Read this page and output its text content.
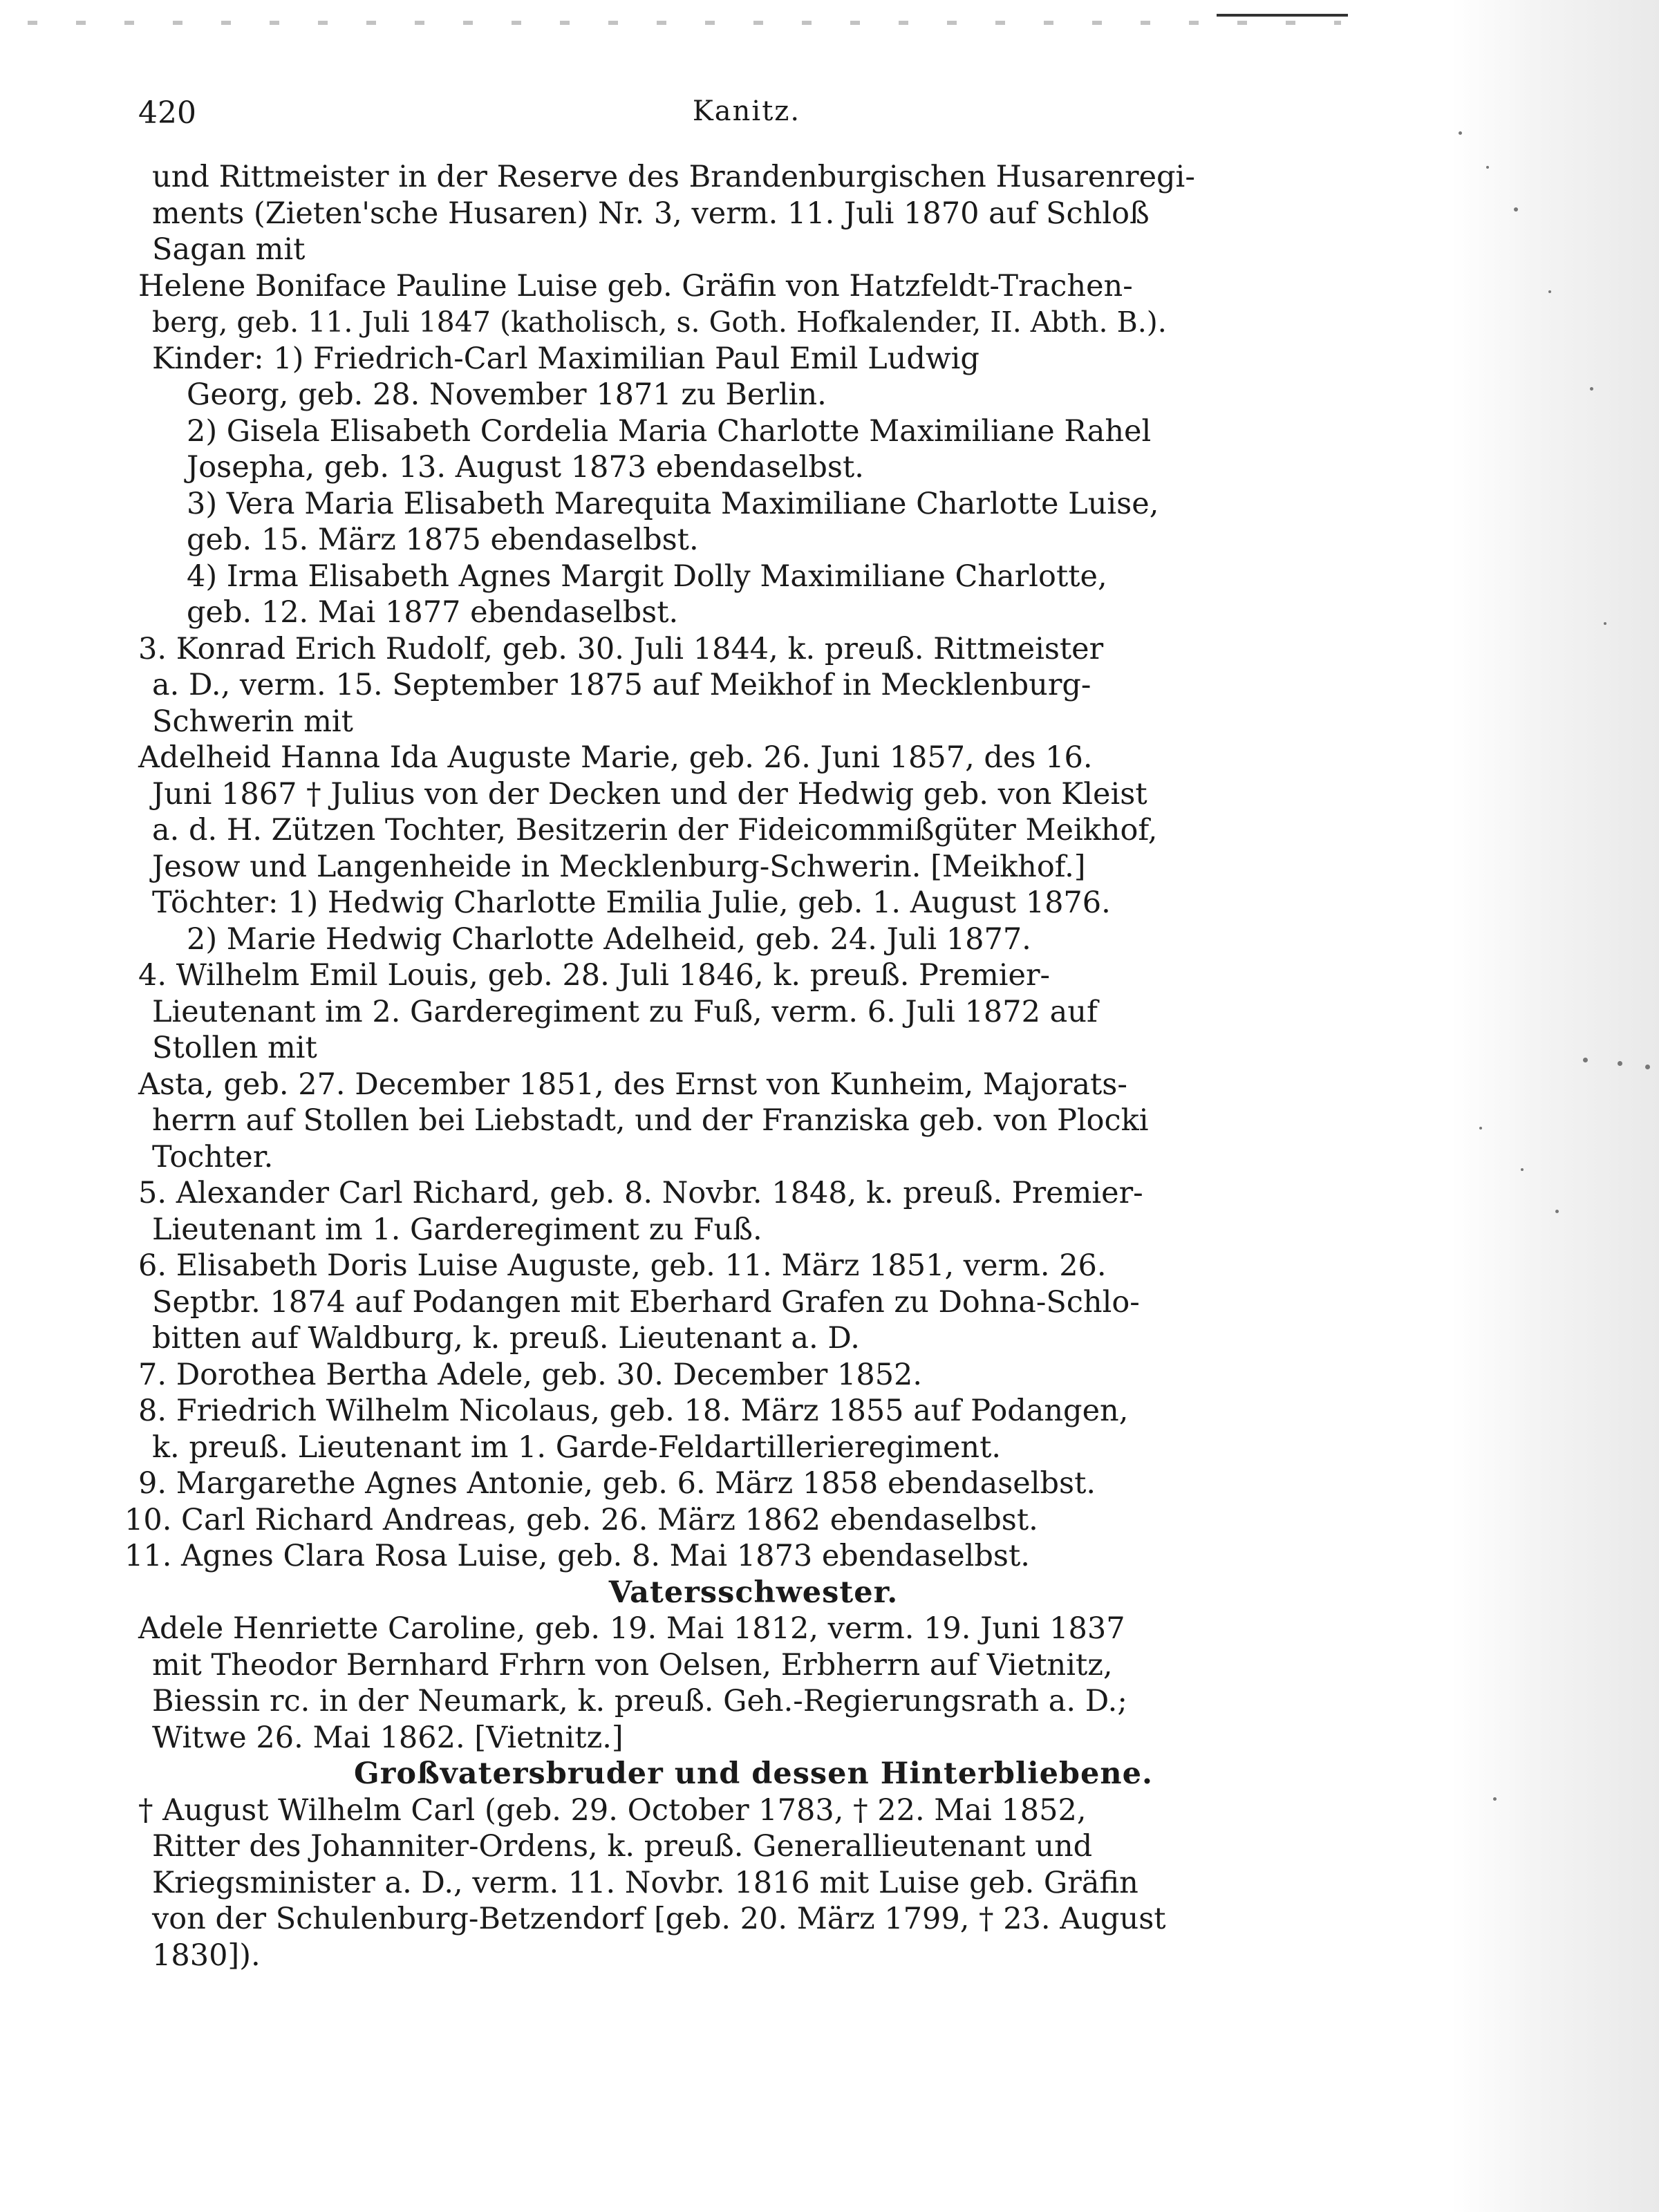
420	Kanitz.
und Rittmeister in der Reserve des Brandenburgischen Husarenregi-
ments (Zieten'sche Husaren) Nr. 3, verm. 11. Juli 1870 auf Schloß
Sagan mit
Helene Boniface Pauline Luise geb. Gräfin von Hatzfeldt-Trachen-
berg, geb. 11. Juli 1847 (katholisch, s. Goth. Hofkalender, II. Abth. B.).
Kinder: 1) Friedrich-Carl Maximilian Paul Emil Ludwig
Georg, geb. 28. November 1871 zu Berlin.
2) Gisela Elisabeth Cordelia Maria Charlotte Maximiliane Rahel
Josepha, geb. 13. August 1873 ebendaselbst.
3) Vera Maria Elisabeth Marequita Maximiliane Charlotte Luise,
geb. 15. März 1875 ebendaselbst.
4) Irma Elisabeth Agnes Margit Dolly Maximiliane Charlotte,
geb. 12. Mai 1877 ebendaselbst.
3. Konrad Erich Rudolf, geb. 30. Juli 1844, k. preuß. Rittmeister
a. D., verm. 15. September 1875 auf Meikhof in Mecklenburg-
Schwerin mit
Adelheid Hanna Ida Auguste Marie, geb. 26. Juni 1857, des 16.
Juni 1867 † Julius von der Decken und der Hedwig geb. von Kleist
a. d. H. Zützen Tochter, Besitzerin der Fideicommißgüter Meikhof,
Jesow und Langenheide in Mecklenburg-Schwerin. [Meikhof.]
Töchter: 1) Hedwig Charlotte Emilia Julie, geb. 1. August 1876.
2) Marie Hedwig Charlotte Adelheid, geb. 24. Juli 1877.
4. Wilhelm Emil Louis, geb. 28. Juli 1846, k. preuß. Premier-
Lieutenant im 2. Garderegiment zu Fuß, verm. 6. Juli 1872 auf
Stollen mit
Asta, geb. 27. December 1851, des Ernst von Kunheim, Majorats-
herrn auf Stollen bei Liebstadt, und der Franziska geb. von Plocki
Tochter.
5. Alexander Carl Richard, geb. 8. Novbr. 1848, k. preuß. Premier-
Lieutenant im 1. Garderegiment zu Fuß.
6. Elisabeth Doris Luise Auguste, geb. 11. März 1851, verm. 26.
Septbr. 1874 auf Podangen mit Eberhard Grafen zu Dohna-Schlo-
bitten auf Waldburg, k. preuß. Lieutenant a. D.
7. Dorothea Bertha Adele, geb. 30. December 1852.
8. Friedrich Wilhelm Nicolaus, geb. 18. März 1855 auf Podangen,
k. preuß. Lieutenant im 1. Garde-Feldartillerieregiment.
9. Margarethe Agnes Antonie, geb. 6. März 1858 ebendaselbst.
10. Carl Richard Andreas, geb. 26. März 1862 ebendaselbst.
11. Agnes Clara Rosa Luise, geb. 8. Mai 1873 ebendaselbst.
Vatersschwester.
Adele Henriette Caroline, geb. 19. Mai 1812, verm. 19. Juni 1837
mit Theodor Bernhard Frhrn von Oelsen, Erbherrn auf Vietnitz,
Biessin rc. in der Neumark, k. preuß. Geh.-Regierungsrath a. D.;
Witwe 26. Mai 1862. [Vietnitz.]
Großvatersbruder und dessen Hinterbliebene.
† August Wilhelm Carl (geb. 29. October 1783, † 22. Mai 1852,
Ritter des Johanniter-Ordens, k. preuß. Generallieutenant und
Kriegsminister a. D., verm. 11. Novbr. 1816 mit Luise geb. Gräfin
von der Schulenburg-Betzendorf [geb. 20. März 1799, † 23. August
1830]).
